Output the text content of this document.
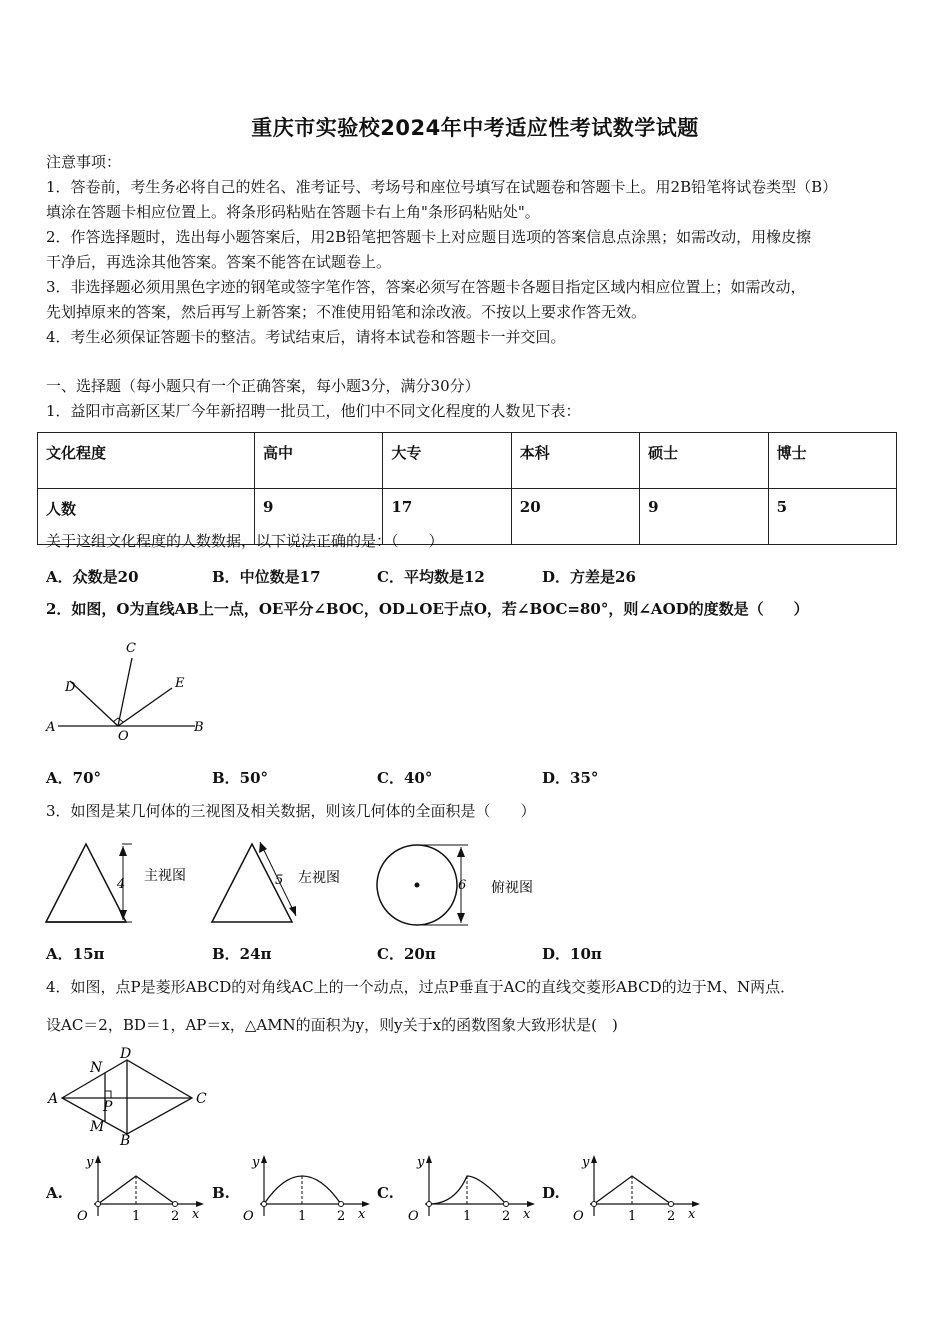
重庆市实验校2024年中考适应性考试数学试题
注意事项：
1．答卷前，考生务必将自己的姓名、准考证号、考场号和座位号填写在试题卷和答题卡上。用2B铅笔将试卷类型（B）
填涂在答题卡相应位置上。将条形码粘贴在答题卡右上角"条形码粘贴处"。
2．作答选择题时，选出每小题答案后，用2B铅笔把答题卡上对应题目选项的答案信息点涂黑；如需改动，用橡皮擦
干净后，再选涂其他答案。答案不能答在试题卷上。
3．非选择题必须用黑色字迹的钢笔或签字笔作答，答案必须写在答题卡各题目指定区域内相应位置上；如需改动，
先划掉原来的答案，然后再写上新答案；不准使用铅笔和涂改液。不按以上要求作答无效。
4．考生必须保证答题卡的整洁。考试结束后，请将本试卷和答题卡一并交回。
一、选择题（每小题只有一个正确答案，每小题3分，满分30分）
1．益阳市高新区某厂今年新招聘一批员工，他们中不同文化程度的人数见下表：
文化程度	高中	大专	本科	硕士	博士
人数	9	17	20	9	5
关于这组文化程度的人数数据，以下说法正确的是：（　　）
A．众数是20	B．中位数是17	C．平均数是12	D．方差是26
2．如图，O为直线AB上一点，OE平分∠BOC，OD⊥OE于点O，若∠BOC=80°，则∠AOD的度数是（　　）
A	B
C
D	E
O
A．70°	B．50°	C．40°	D．35°
3．如图是某几何体的三视图及相关数据，则该几何体的全面积是（　　）
4
主视图	5 左视图	6 俯视图
A．15π	B．24π	C．20π	D．10π
4．如图，点P是菱形ABCD的对角线AC上的一个动点，过点P垂直于AC的直线交菱形ABCD的边于M、N两点．
设AC＝2，BD＝1，AP＝x，△AMN的面积为y，则y关于x的函数图象大致形状是(　)
A
D
C
B
N
P
M
A.
y
O	1 2 x
B.
y
O	1 2 x
C.
y
O	1 2 x
D.
y
O	1 2 x
